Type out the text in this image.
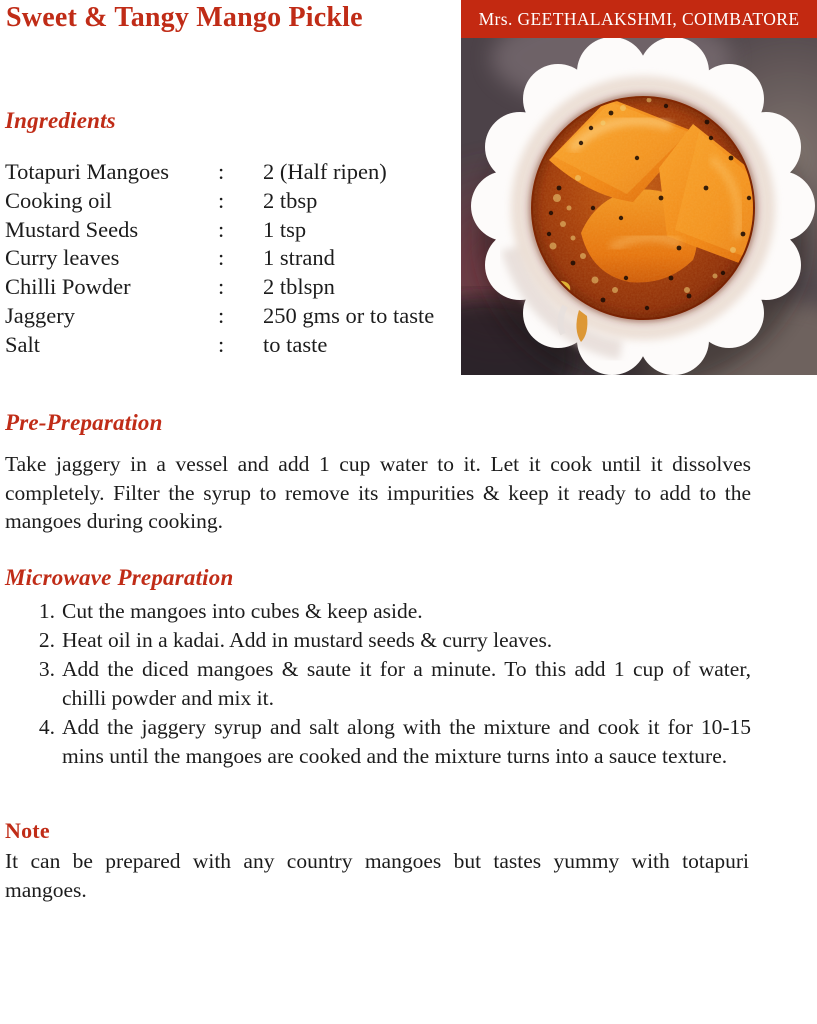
Sweet & Tangy Mango Pickle	Mrs. GEETHALAKSHMI, COIMBATORE
Ingredients
Totapuri Mangoes	:	2 (Half ripen)
Cooking oil	:	2 tbsp
Mustard Seeds	:	1 tsp
Curry leaves	:	1 strand
Chilli Powder	:	2 tblspn
Jaggery	:	250 gms or to taste
Salt	:	to taste
Pre-Preparation
Take jaggery in a vessel and add 1 cup water to it. Let it cook until it dissolves completely. Filter the syrup to remove its impurities & keep it ready to add to the mangoes during cooking.
Microwave Preparation
1. Cut the mangoes into cubes & keep aside.
2. Heat oil in a kadai. Add in mustard seeds & curry leaves.
3. Add the diced mangoes & saute it for a minute. To this add 1 cup of water, chilli powder and mix it.
4. Add the jaggery syrup and salt along with the mixture and cook it for 10-15 mins until the mangoes are cooked and the mixture turns into a sauce texture.
Note
It can be prepared with any country mangoes but tastes yummy with totapuri mangoes.
